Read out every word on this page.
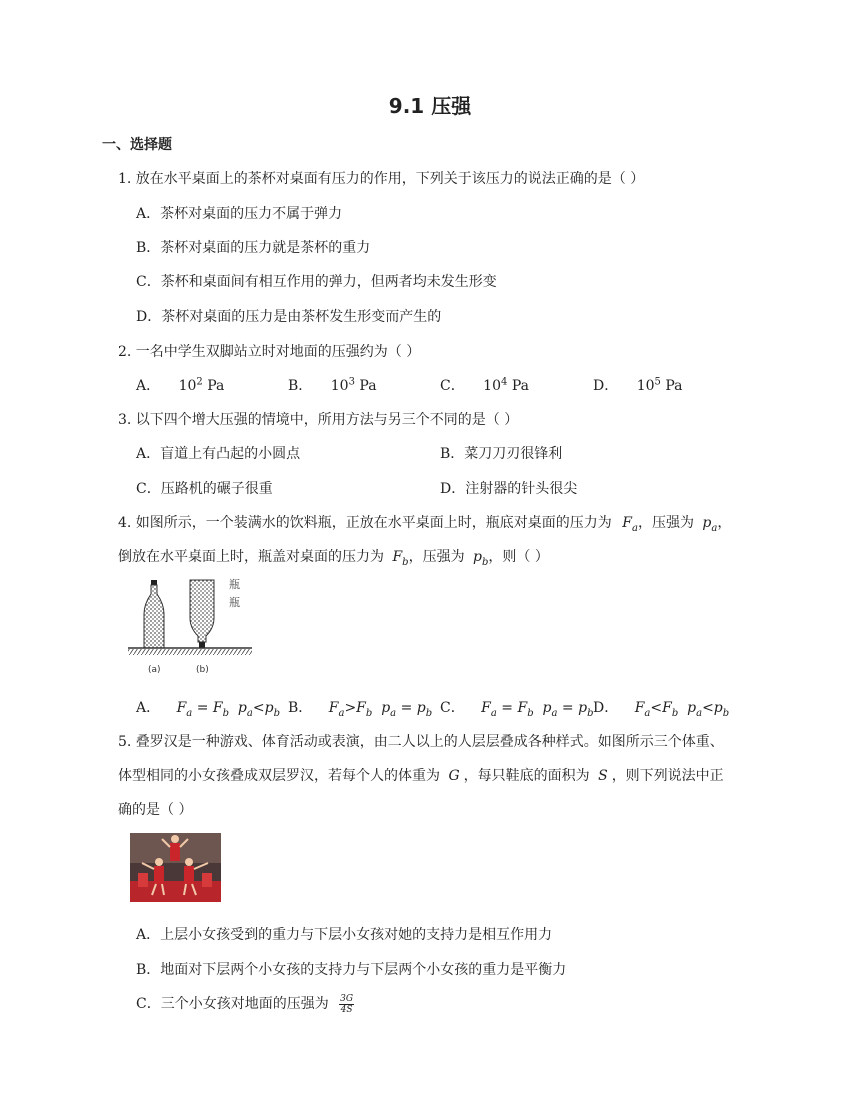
9.1 压强
一、选择题
1. 放在水平桌面上的茶杯对桌面有压力的作用，下列关于该压力的说法正确的是（ ）
A．茶杯对桌面的压力不属于弹力
B．茶杯对桌面的压力就是茶杯的重力
C．茶杯和桌面间有相互作用的弹力，但两者均未发生形变
D．茶杯对桌面的压力是由茶杯发生形变而产生的
2. 一名中学生双脚站立时对地面的压强约为（ ）
A． $10^2$ Pa	B． $10^3$ Pa	C． $10^4$ Pa	D． $10^5$ Pa
3. 以下四个增大压强的情境中，所用方法与另三个不同的是（ ）
A．盲道上有凸起的小圆点	B．菜刀刀刃很锋利
C．压路机的碾子很重	D．注射器的针头很尖
4. 如图所示，一个装满水的饮料瓶，正放在水平桌面上时，瓶底对桌面的压力为 $F_a$，压强为 $p_a$，
倒放在水平桌面上时，瓶盖对桌面的压力为 $F_b$，压强为 $p_b$，则（ ）
(a)	(b)
瓶
瓶
A． $F_a = F_b$  $p_a<p_b$ B． $F_a>F_b$  $p_a = p_b$ C． $F_a = F_b$  $p_a = p_b$ D． $F_a<F_b$  $p_a<p_b$
5. 叠罗汉是一种游戏、体育活动或表演，由二人以上的人层层叠成各种样式。如图所示三个体重、
体型相同的小女孩叠成双层罗汉，若每个人的体重为 G ，每只鞋底的面积为 S ，则下列说法中正
确的是（ ）
A．上层小女孩受到的重力与下层小女孩对她的支持力是相互作用力
B．地面对下层两个小女孩的支持力与下层两个小女孩的重力是平衡力
C．三个小女孩对地面的压强为 $\frac{3G}{4S}$
